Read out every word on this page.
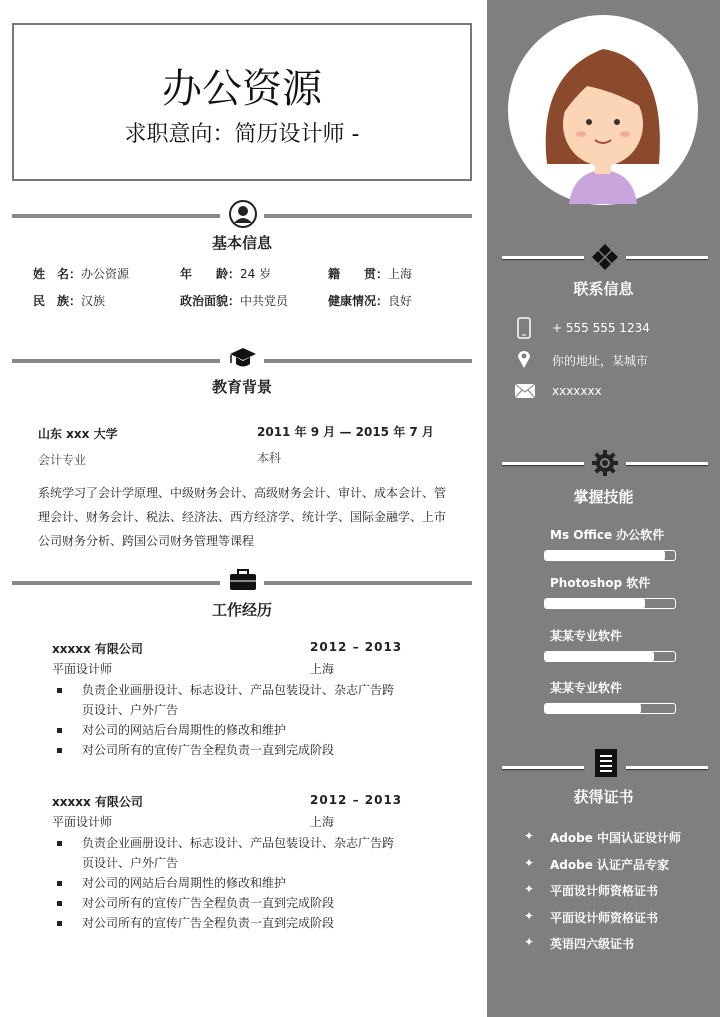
办公资源
求职意向：简历设计师 -
基本信息
姓　名：办公资源	年　　龄：24 岁	籍　　贯：上海
民　族：汉族	政治面貌：中共党员	健康情况：良好
教育背景
山东 xxx 大学	2011 年 9 月 — 2015 年 7 月
会计专业	本科
系统学习了会计学原理、中级财务会计、高级财务会计、审计、成本会计、管理会计、财务会计、税法、经济法、西方经济学、统计学、国际金融学、上市公司财务分析、跨国公司财务管理等课程
工作经历
xxxxx 有限公司	2012 – 2013
平面设计师	上海
负责企业画册设计、标志设计、产品包装设计、杂志广告跨页设计、户外广告
对公司的网站后台周期性的修改和维护
对公司所有的宣传广告全程负责一直到完成阶段
xxxxx 有限公司	2012 – 2013
平面设计师	上海
负责企业画册设计、标志设计、产品包装设计、杂志广告跨页设计、户外广告
对公司的网站后台周期性的修改和维护
对公司所有的宣传广告全程负责一直到完成阶段
对公司所有的宣传广告全程负责一直到完成阶段
联系信息
+ 555 555 1234
你的地址，某城市
xxxxxxx
掌握技能
Ms Office 办公软件
Photoshop 软件
某某专业软件
某某专业软件
获得证书
✦ Adobe 中国认证设计师
✦ Adobe 认证产品专家
✦ 平面设计师资格证书
✦ 平面设计师资格证书
✦ 英语四六级证书
